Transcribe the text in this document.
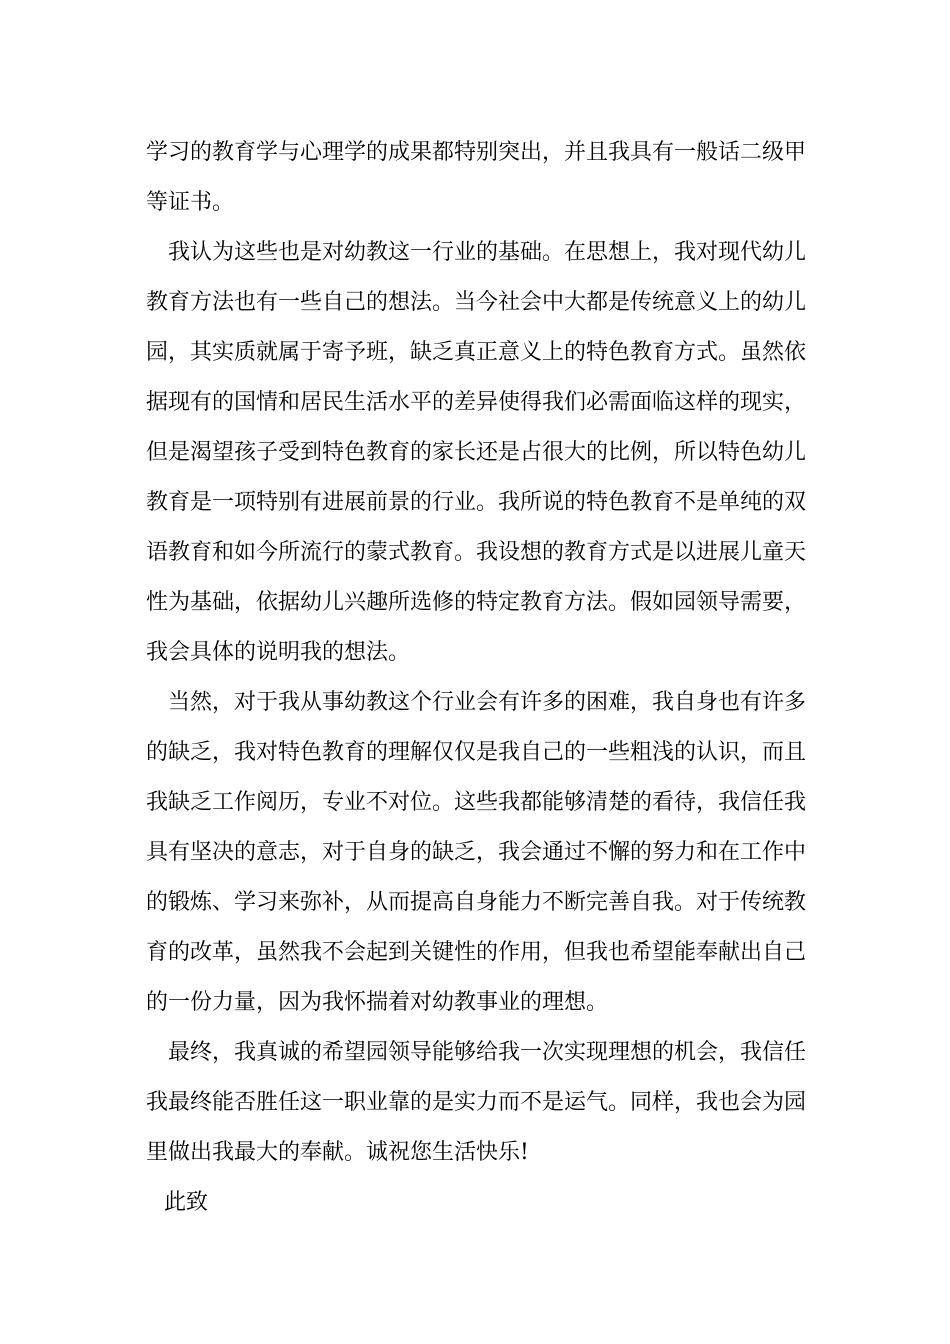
学习的教育学与心理学的成果都特别突出，并且我具有一般话二级甲等证书。

我认为这些也是对幼教这一行业的基础。在思想上，我对现代幼儿教育方法也有一些自己的想法。当今社会中大都是传统意义上的幼儿园，其实质就属于寄予班，缺乏真正意义上的特色教育方式。虽然依据现有的国情和居民生活水平的差异使得我们必需面临这样的现实，但是渴望孩子受到特色教育的家长还是占很大的比例，所以特色幼儿教育是一项特别有进展前景的行业。我所说的特色教育不是单纯的双语教育和如今所流行的蒙式教育。我设想的教育方式是以进展儿童天性为基础，依据幼儿兴趣所选修的特定教育方法。假如园领导需要，我会具体的说明我的想法。

当然，对于我从事幼教这个行业会有许多的困难，我自身也有许多的缺乏，我对特色教育的理解仅仅是我自己的一些粗浅的认识，而且我缺乏工作阅历，专业不对位。这些我都能够清楚的看待，我信任我具有坚决的意志，对于自身的缺乏，我会通过不懈的努力和在工作中的锻炼、学习来弥补，从而提高自身能力不断完善自我。对于传统教育的改革，虽然我不会起到关键性的作用，但我也希望能奉献出自己的一份力量，因为我怀揣着对幼教事业的理想。

最终，我真诚的希望园领导能够给我一次实现理想的机会，我信任我最终能否胜任这一职业靠的是实力而不是运气。同样，我也会为园里做出我最大的奉献。诚祝您生活快乐!

此致
